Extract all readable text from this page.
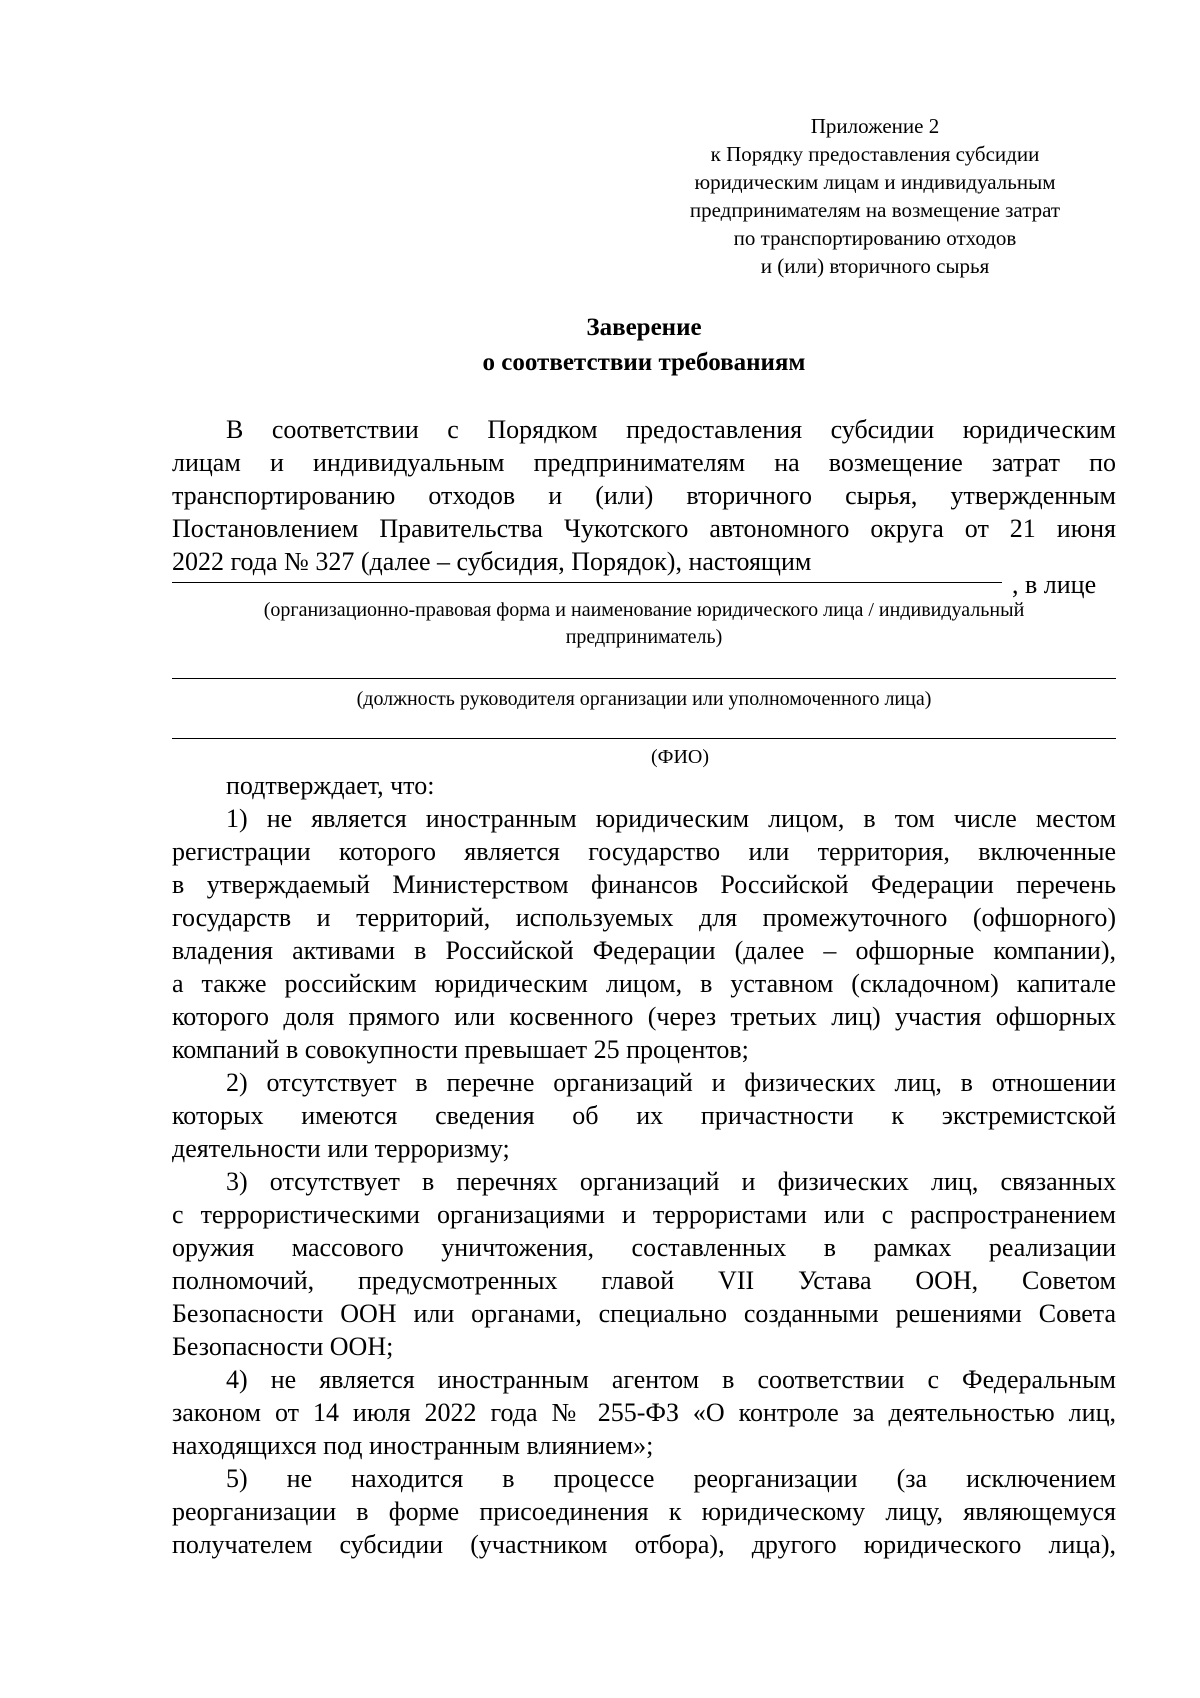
Приложение 2
к Порядку предоставления субсидии
юридическим лицам и индивидуальным
предпринимателям на возмещение затрат
по транспортированию отходов
и (или) вторичного сырья
Заверение
о соответствии требованиям
В соответствии с Порядком предоставления субсидии юридическим
лицам и индивидуальным предпринимателям на возмещение затрат по
транспортированию отходов и (или) вторичного сырья, утвержденным
Постановлением Правительства Чукотского автономного округа от 21 июня
2022 года № 327 (далее – субсидия, Порядок), настоящим
, в лице
(организационно-правовая форма и наименование юридического лица / индивидуальный
предприниматель)
(должность руководителя организации или уполномоченного лица)
(ФИО)
подтверждает, что:
1) не является иностранным юридическим лицом, в том числе местом
регистрации которого является государство или территория, включенные
в утверждаемый Министерством финансов Российской Федерации перечень
государств и территорий, используемых для промежуточного (офшорного)
владения активами в Российской Федерации (далее – офшорные компании),
а также российским юридическим лицом, в уставном (складочном) капитале
которого доля прямого или косвенного (через третьих лиц) участия офшорных
компаний в совокупности превышает 25 процентов;
2) отсутствует в перечне организаций и физических лиц, в отношении
которых имеются сведения об их причастности к экстремистской
деятельности или терроризму;
3) отсутствует в перечнях организаций и физических лиц, связанных
с террористическими организациями и террористами или с распространением
оружия массового уничтожения, составленных в рамках реализации
полномочий, предусмотренных главой VII Устава ООН, Советом
Безопасности ООН или органами, специально созданными решениями Совета
Безопасности ООН;
4) не является иностранным агентом в соответствии с Федеральным
законом от 14 июля 2022 года № 255-ФЗ «О контроле за деятельностью лиц,
находящихся под иностранным влиянием»;
5) не находится в процессе реорганизации (за исключением
реорганизации в форме присоединения к юридическому лицу, являющемуся
получателем субсидии (участником отбора), другого юридического лица),
